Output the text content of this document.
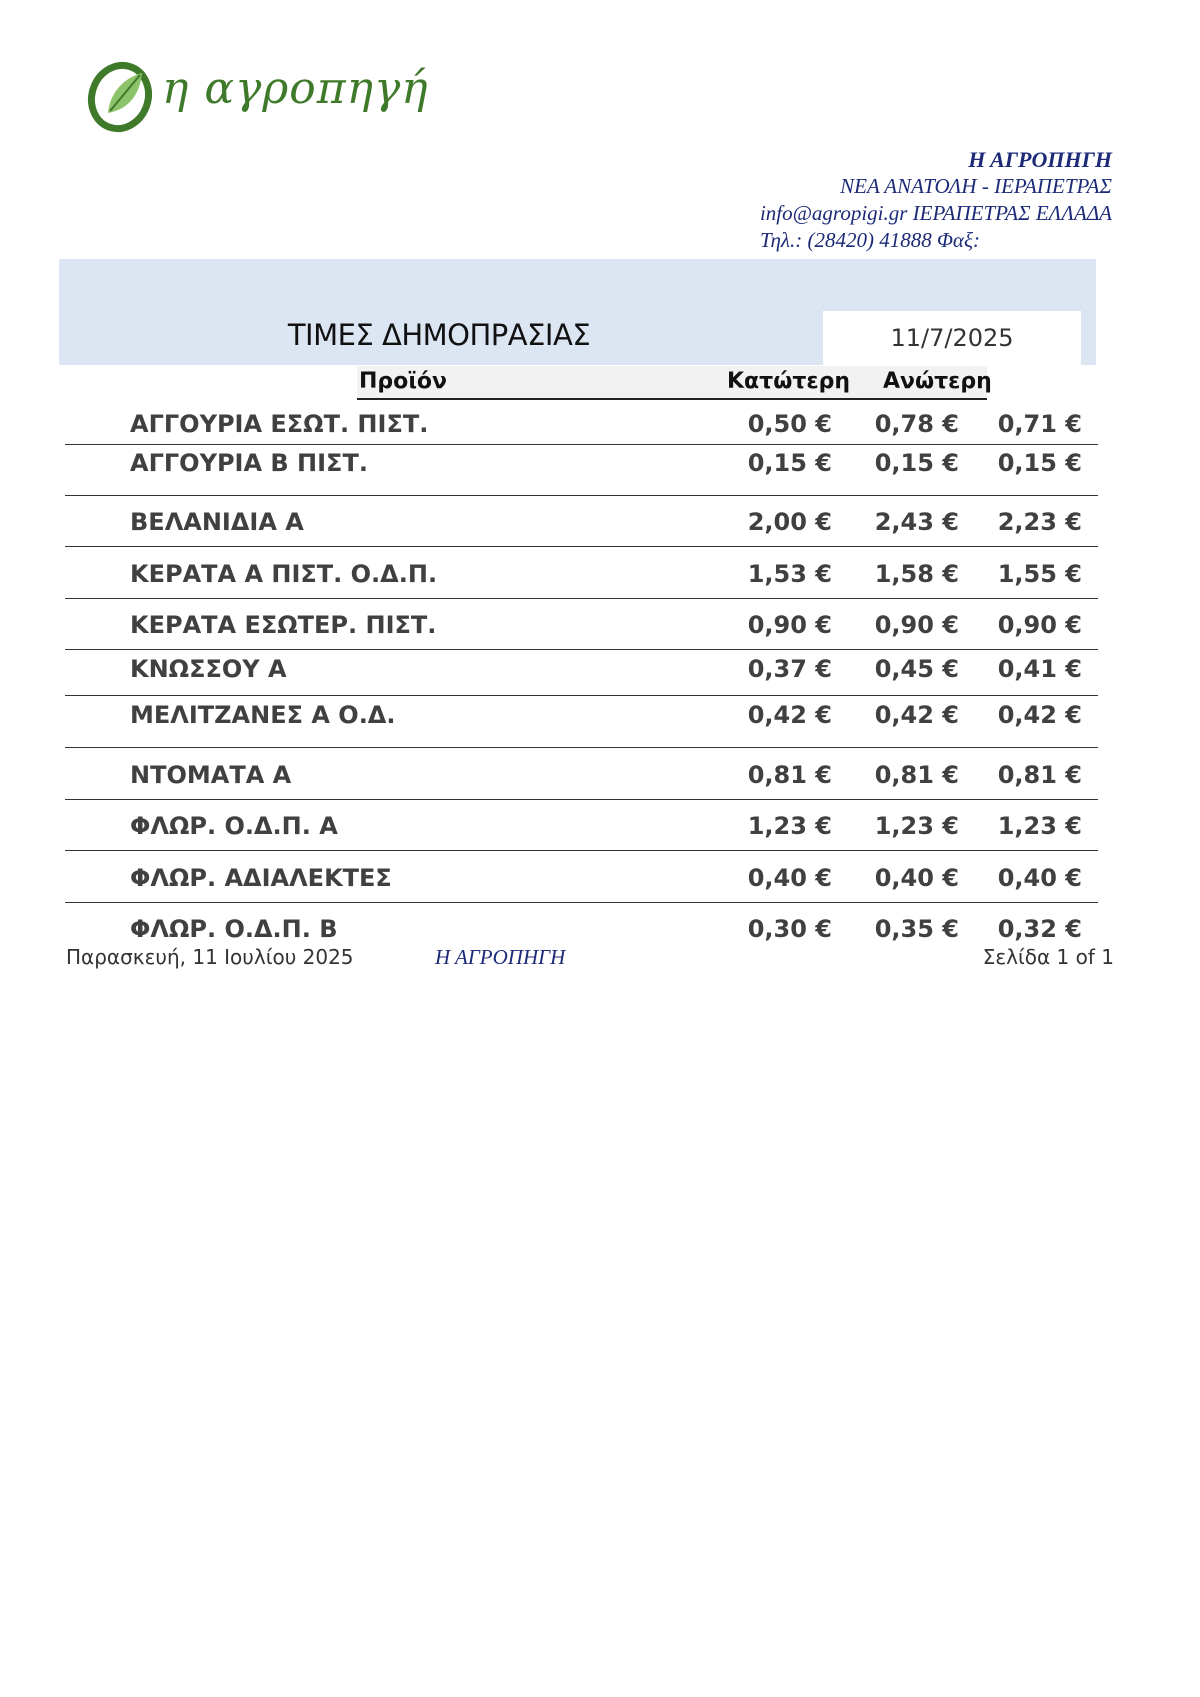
η αγροπηγή
Η ΑΓΡΟΠΗΓΗ
ΝΕΑ ΑΝΑΤΟΛΗ - ΙΕΡΑΠΕΤΡΑΣ
info@agropigi.gr ΙΕΡΑΠΕΤΡΑΣ ΕΛΛΑΔΑ
Τηλ.: (28420) 41888 Φαξ:
ΤΙΜΕΣ ΔΗΜΟΠΡΑΣΙΑΣ	11/7/2025
Προϊόν	Κατώτερη Ανώτερη
ΑΓΓΟΥΡΙΑ ΕΣΩΤ. ΠΙΣΤ.	0,50 € 0,78 € 0,71 €
ΑΓΓΟΥΡΙΑ Β ΠΙΣΤ.	0,15 € 0,15 € 0,15 €
ΒΕΛΑΝΙΔΙΑ Α	2,00 € 2,43 € 2,23 €
ΚΕΡΑΤΑ Α ΠΙΣΤ. Ο.Δ.Π.	1,53 € 1,58 € 1,55 €
ΚΕΡΑΤΑ ΕΣΩΤΕΡ. ΠΙΣΤ.	0,90 € 0,90 € 0,90 €
ΚΝΩΣΣΟΥ Α	0,37 € 0,45 € 0,41 €
ΜΕΛΙΤΖΑΝΕΣ Α Ο.Δ.	0,42 € 0,42 € 0,42 €
ΝΤΟΜΑΤΑ Α	0,81 € 0,81 € 0,81 €
ΦΛΩΡ. Ο.Δ.Π. Α	1,23 € 1,23 € 1,23 €
ΦΛΩΡ. ΑΔΙΑΛΕΚΤΕΣ	0,40 € 0,40 € 0,40 €
ΦΛΩΡ. Ο.Δ.Π. Β	0,30 € 0,35 € 0,32 €
Παρασκευή, 11 Ιουλίου 2025	Η ΑΓΡΟΠΗΓΗ	Σελίδα 1 of 1
